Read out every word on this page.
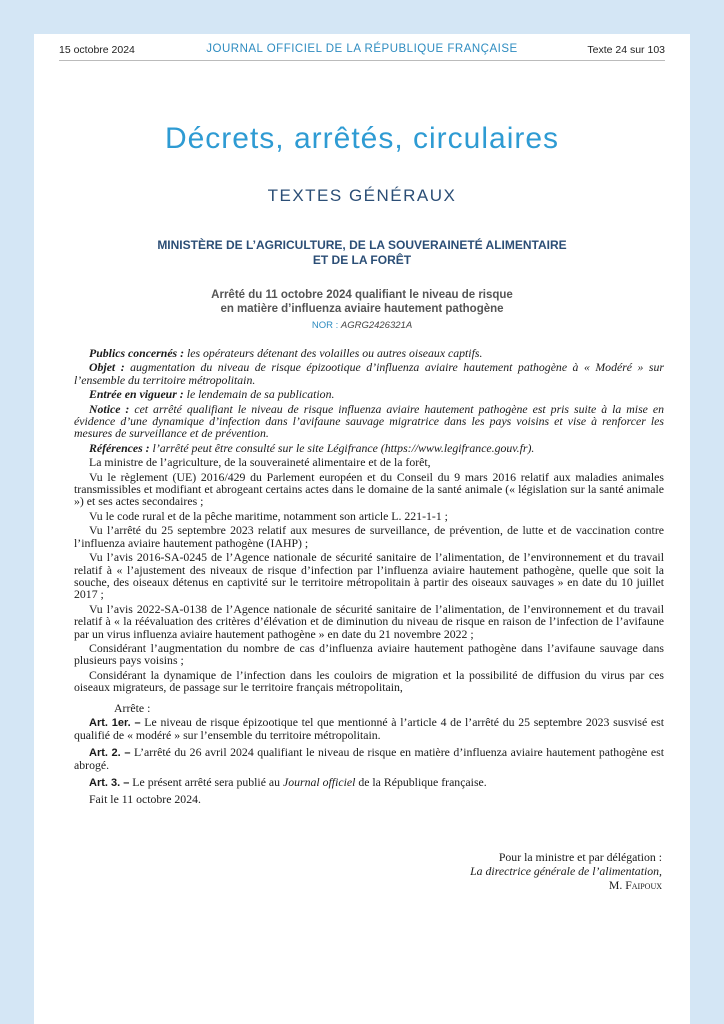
15 octobre 2024	JOURNAL OFFICIEL DE LA RÉPUBLIQUE FRANÇAISE	Texte 24 sur 103
Décrets, arrêtés, circulaires
TEXTES GÉNÉRAUX
MINISTÈRE DE L’AGRICULTURE, DE LA SOUVERAINETÉ ALIMENTAIRE
ET DE LA FORÊT
Arrêté du 11 octobre 2024 qualifiant le niveau de risque
en matière d’influenza aviaire hautement pathogène
NOR : AGRG2426321A

Publics concernés : les opérateurs détenant des volailles ou autres oiseaux captifs.

Objet : augmentation du niveau de risque épizootique d’influenza aviaire hautement pathogène à « Modéré » sur l’ensemble du territoire métropolitain.

Entrée en vigueur : le lendemain de sa publication.

Notice : cet arrêté qualifiant le niveau de risque influenza aviaire hautement pathogène est pris suite à la mise en évidence d’une dynamique d’infection dans l’avifaune sauvage migratrice dans les pays voisins et vise à renforcer les mesures de surveillance et de prévention.

Références : l’arrêté peut être consulté sur le site Légifrance (https://www.legifrance.gouv.fr).

La ministre de l’agriculture, de la souveraineté alimentaire et de la forêt,

Vu le règlement (UE) 2016/429 du Parlement européen et du Conseil du 9 mars 2016 relatif aux maladies animales transmissibles et modifiant et abrogeant certains actes dans le domaine de la santé animale (« législation sur la santé animale ») et ses actes secondaires ;

Vu le code rural et de la pêche maritime, notamment son article L. 221-1-1 ;

Vu l’arrêté du 25 septembre 2023 relatif aux mesures de surveillance, de prévention, de lutte et de vaccination contre l’influenza aviaire hautement pathogène (IAHP) ;

Vu l’avis 2016-SA-0245 de l’Agence nationale de sécurité sanitaire de l’alimentation, de l’environnement et du travail relatif à « l’ajustement des niveaux de risque d’infection par l’influenza aviaire hautement pathogène, quelle que soit la souche, des oiseaux détenus en captivité sur le territoire métropolitain à partir des oiseaux sauvages » en date du 10 juillet 2017 ;

Vu l’avis 2022-SA-0138 de l’Agence nationale de sécurité sanitaire de l’alimentation, de l’environnement et du travail relatif à « la réévaluation des critères d’élévation et de diminution du niveau de risque en raison de l’infection de l’avifaune par un virus influenza aviaire hautement pathogène » en date du 21 novembre 2022 ;

Considérant l’augmentation du nombre de cas d’influenza aviaire hautement pathogène dans l’avifaune sauvage dans plusieurs pays voisins ;

Considérant la dynamique de l’infection dans les couloirs de migration et la possibilité de diffusion du virus par ces oiseaux migrateurs, de passage sur le territoire français métropolitain,

Arrête :

Art. 1er. – Le niveau de risque épizootique tel que mentionné à l’article 4 de l’arrêté du 25 septembre 2023 susvisé est qualifié de « modéré » sur l’ensemble du territoire métropolitain.

Art. 2. – L’arrêté du 26 avril 2024 qualifiant le niveau de risque en matière d’influenza aviaire hautement pathogène est abrogé.

Art. 3. – Le présent arrêté sera publié au Journal officiel de la République française.

Fait le 11 octobre 2024.

Pour la ministre et par délégation :
La directrice générale de l’alimentation,
M. Faipoux
